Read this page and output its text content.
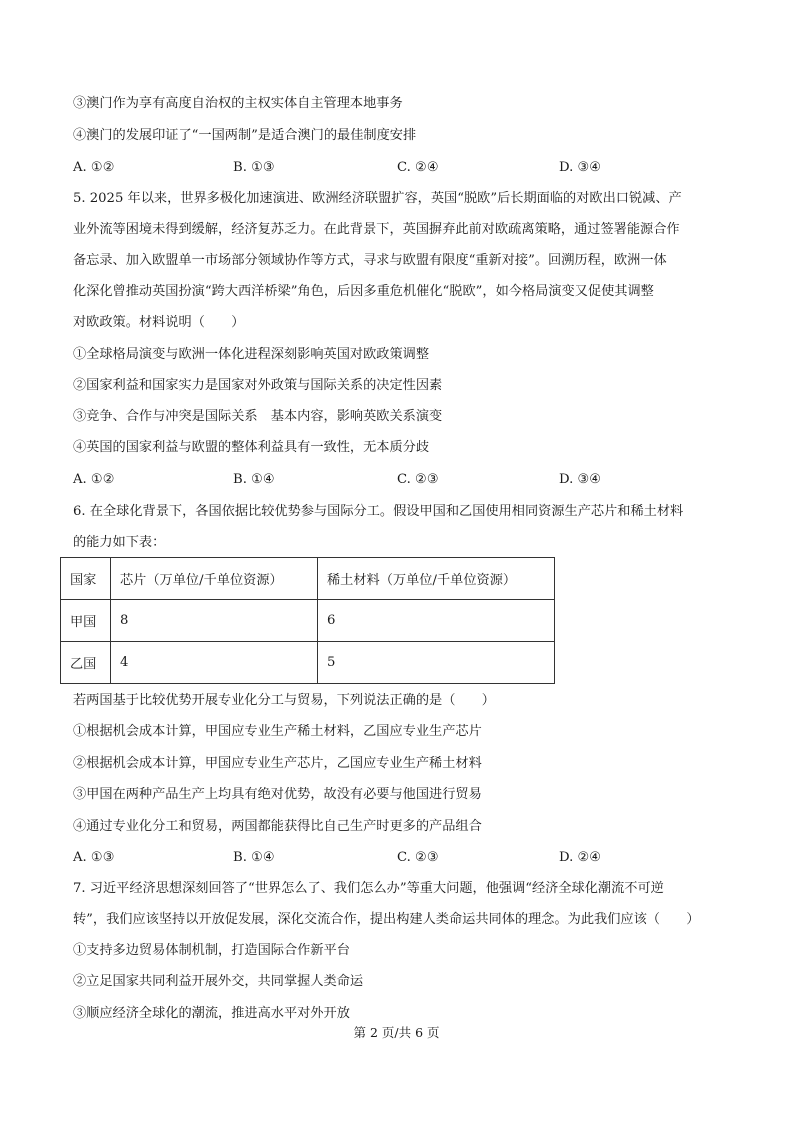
③澳门作为享有高度自治权的主权实体自主管理本地事务
④澳门的发展印证了“一国两制”是适合澳门的最佳制度安排
A. ①②	B. ①③	C. ②④	D. ③④
5. 2025 年以来，世界多极化加速演进、欧洲经济联盟扩容，英国“脱欧”后长期面临的对欧出口锐减、产
业外流等困境未得到缓解，经济复苏乏力。在此背景下，英国摒弃此前对欧疏离策略，通过签署能源合作
备忘录、加入欧盟单一市场部分领域协作等方式，寻求与欧盟有限度“重新对接”。回溯历程，欧洲一体
化深化曾推动英国扮演“跨大西洋桥梁”角色，后因多重危机催化“脱欧”，如今格局演变又促使其调整
对欧政策。材料说明（　　）
①全球格局演变与欧洲一体化进程深刻影响英国对欧政策调整
②国家利益和国家实力是国家对外政策与国际关系的决定性因素
③竞争、合作与冲突是国际关系　基本内容，影响英欧关系演变
④英国的国家利益与欧盟的整体利益具有一致性，无本质分歧
A. ①②	B. ①④	C. ②③	D. ③④
6. 在全球化背景下，各国依据比较优势参与国际分工。假设甲国和乙国使用相同资源生产芯片和稀土材料
的能力如下表：
国家	芯片（万单位/千单位资源）	稀土材料（万单位/千单位资源）
甲国	8	6
乙国	4	5
若两国基于比较优势开展专业化分工与贸易，下列说法正确的是（　　）
①根据机会成本计算，甲国应专业生产稀土材料，乙国应专业生产芯片
②根据机会成本计算，甲国应专业生产芯片，乙国应专业生产稀土材料
③甲国在两种产品生产上均具有绝对优势，故没有必要与他国进行贸易
④通过专业化分工和贸易，两国都能获得比自己生产时更多的产品组合
A. ①③	B. ①④	C. ②③	D. ②④
7. 习近平经济思想深刻回答了“世界怎么了、我们怎么办”等重大问题，他强调“经济全球化潮流不可逆
转”，我们应该坚持以开放促发展，深化交流合作，提出构建人类命运共同体的理念。为此我们应该（　　）
①支持多边贸易体制机制，打造国际合作新平台
②立足国家共同利益开展外交，共同掌握人类命运
③顺应经济全球化的潮流，推进高水平对外开放
第 2 页/共 6 页
